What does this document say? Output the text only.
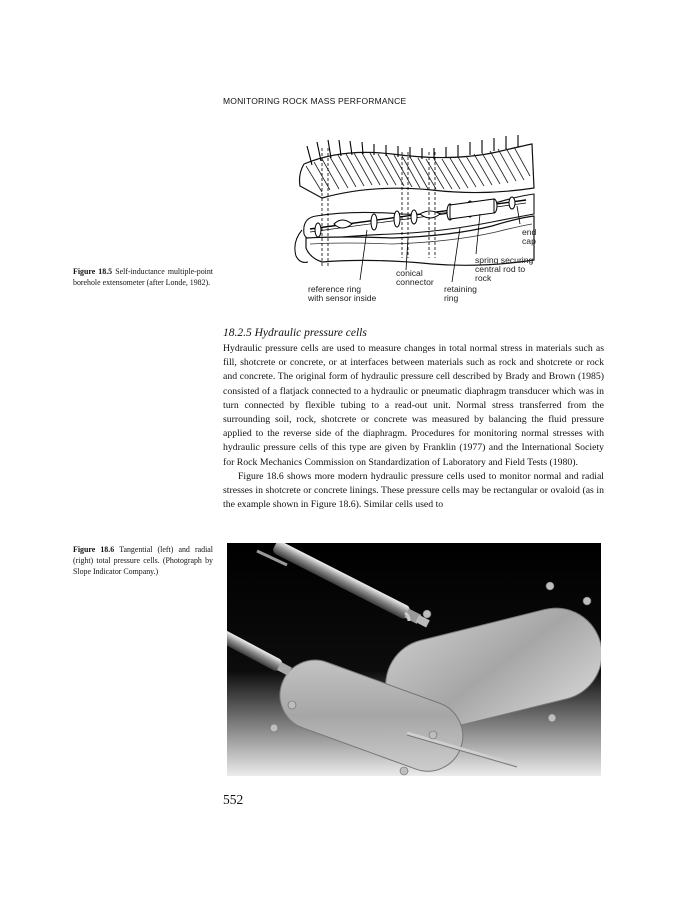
MONITORING ROCK MASS PERFORMANCE
end
cap
spring securing
central rod to
rock
conical
connector
reference ring
with sensor inside
retaining
ring
Figure 18.5 Self-inductance multiple-point borehole extensometer (after Londe, 1982).
18.2.5 Hydraulic pressure cells

Hydraulic pressure cells are used to measure changes in total normal stress in materials such as fill, shotcrete or concrete, or at interfaces between materials such as rock and shotcrete or rock and concrete. The original form of hydraulic pressure cell described by Brady and Brown (1985) consisted of a flatjack connected to a hydraulic or pneumatic diaphragm transducer which was in turn connected by flexible tubing to a read-out unit. Normal stress transferred from the surrounding soil, rock, shotcrete or concrete was measured by balancing the fluid pressure applied to the reverse side of the diaphragm. Procedures for monitoring normal stresses with hydraulic pressure cells of this type are given by Franklin (1977) and the International Society for Rock Mechanics Commission on Standardization of Laboratory and Field Tests (1980).

Figure 18.6 shows more modern hydraulic pressure cells used to monitor normal and radial stresses in shotcrete or concrete linings. These pressure cells may be rectangular or ovaloid (as in the example shown in Figure 18.6). Similar cells used to

Figure 18.6 Tangential (left) and radial (right) total pressure cells. (Photograph by Slope Indicator Company.)
552
